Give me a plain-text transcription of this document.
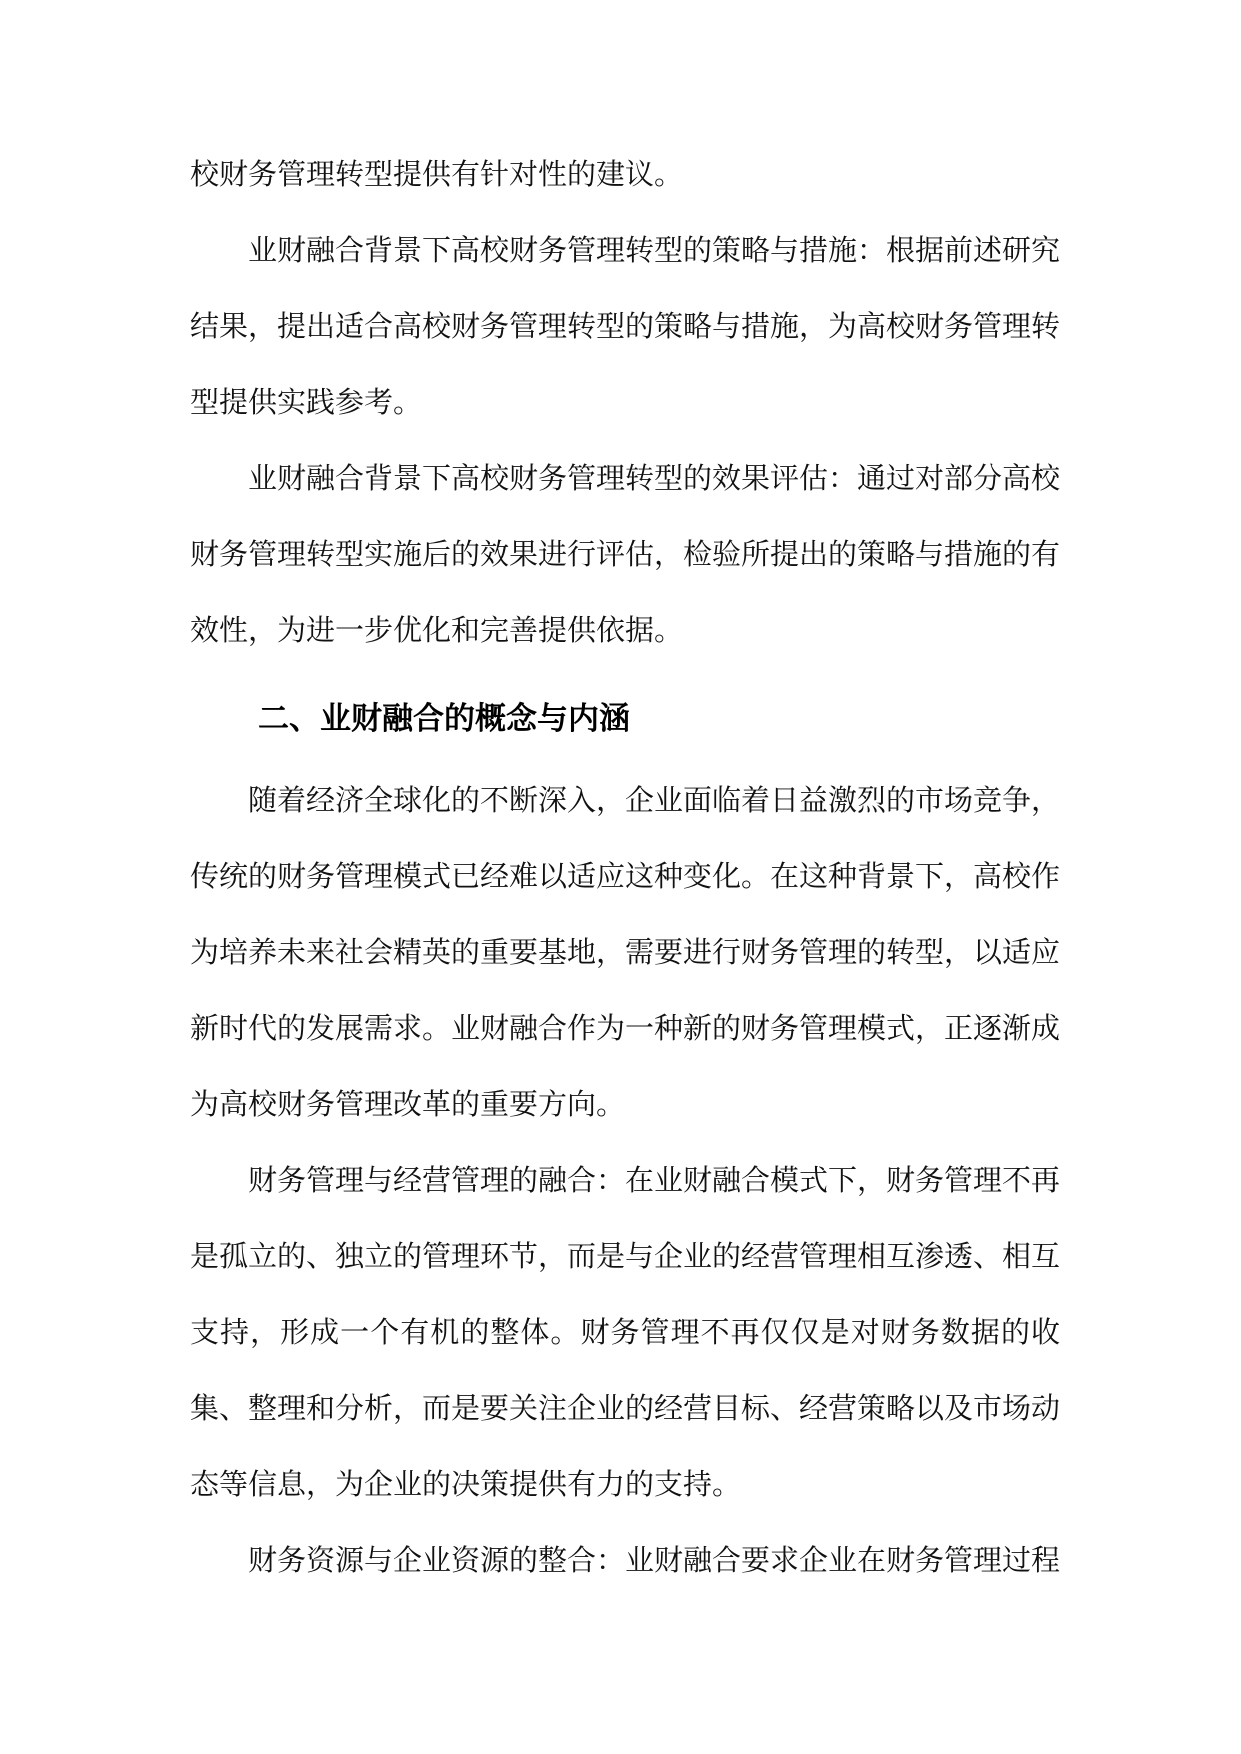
校财务管理转型提供有针对性的建议。

业财融合背景下高校财务管理转型的策略与措施：根据前述研究结果，提出适合高校财务管理转型的策略与措施，为高校财务管理转型提供实践参考。

业财融合背景下高校财务管理转型的效果评估：通过对部分高校财务管理转型实施后的效果进行评估，检验所提出的策略与措施的有效性，为进一步优化和完善提供依据。

二、业财融合的概念与内涵

随着经济全球化的不断深入，企业面临着日益激烈的市场竞争，传统的财务管理模式已经难以适应这种变化。在这种背景下，高校作为培养未来社会精英的重要基地，需要进行财务管理的转型，以适应新时代的发展需求。业财融合作为一种新的财务管理模式，正逐渐成为高校财务管理改革的重要方向。

财务管理与经营管理的融合：在业财融合模式下，财务管理不再是孤立的、独立的管理环节，而是与企业的经营管理相互渗透、相互支持，形成一个有机的整体。财务管理不再仅仅是对财务数据的收集、整理和分析，而是要关注企业的经营目标、经营策略以及市场动态等信息，为企业的决策提供有力的支持。

财务资源与企业资源的整合：业财融合要求企业在财务管理过程
